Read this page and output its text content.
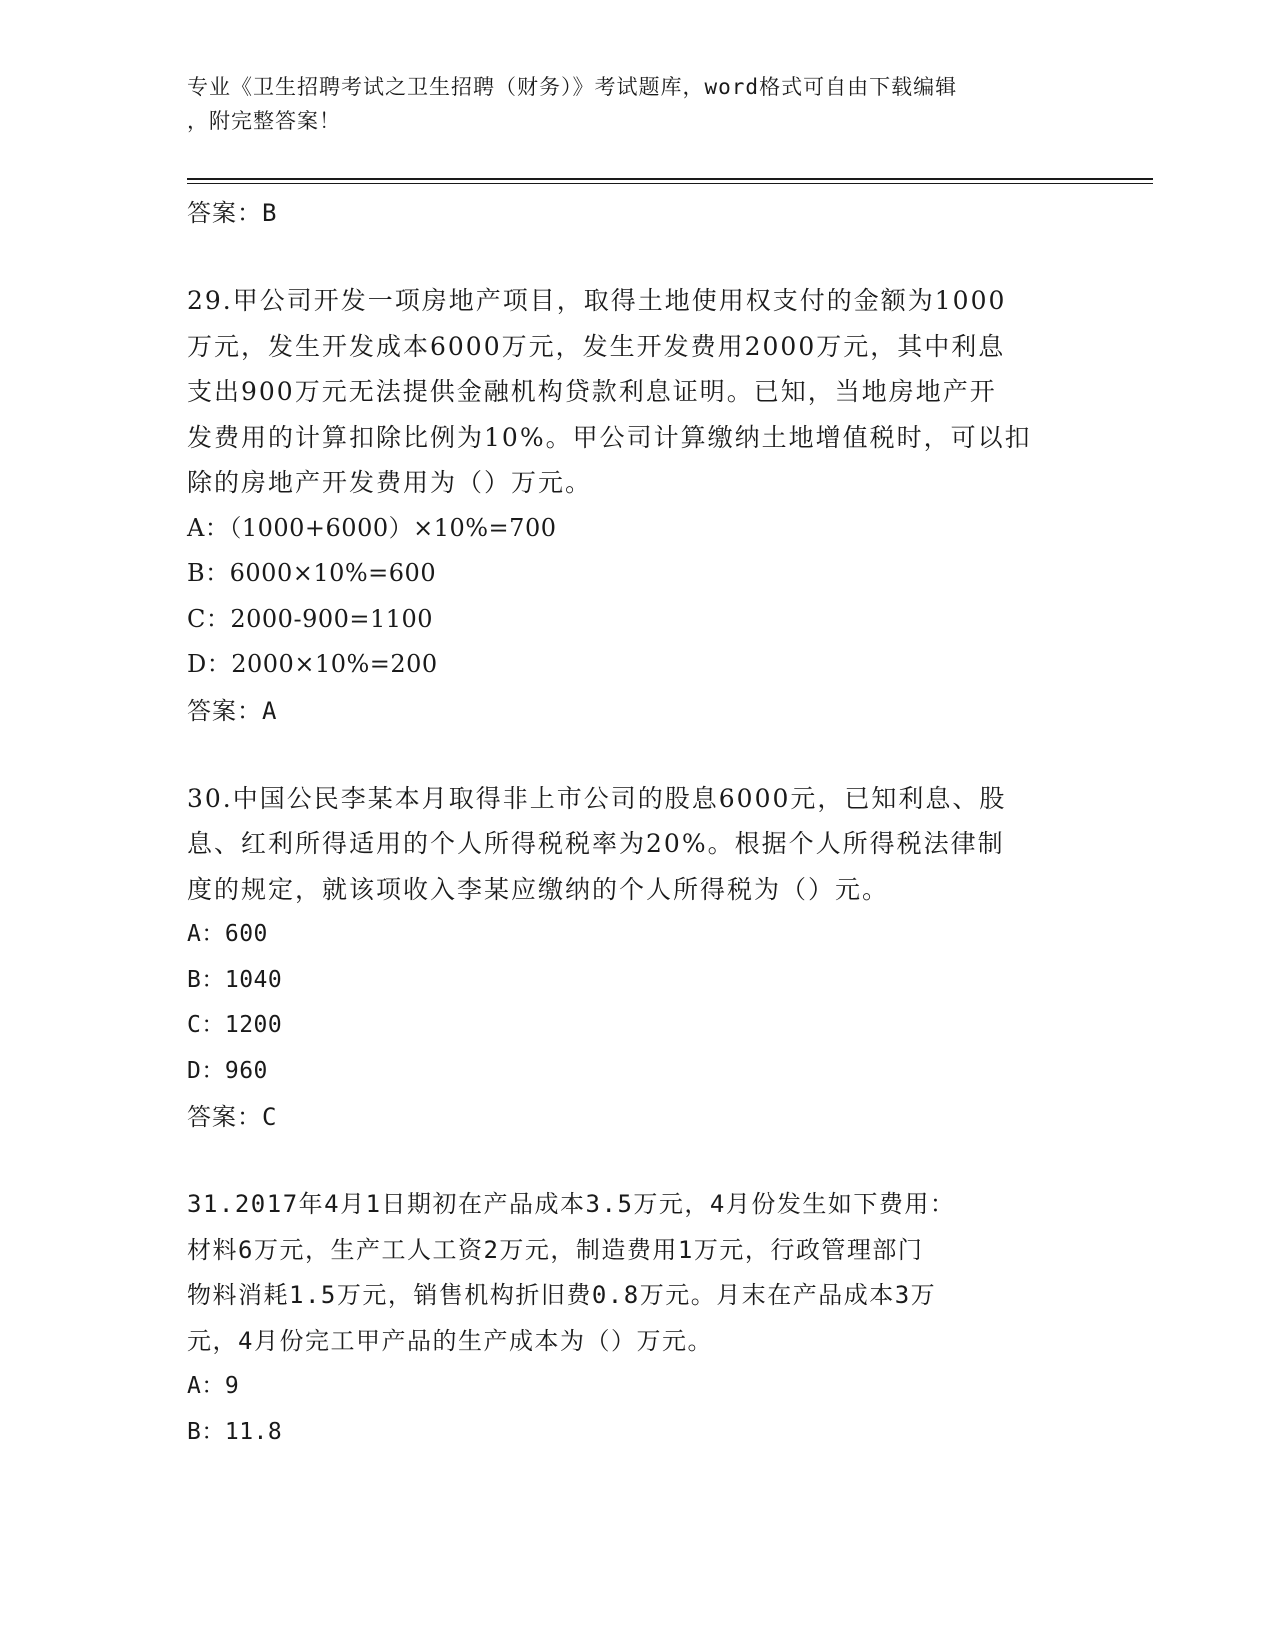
专业《卫生招聘考试之卫生招聘（财务）》考试题库，word格式可自由下载编辑
，附完整答案！
答案：B
29.甲公司开发一项房地产项目，取得土地使用权支付的金额为1000
万元，发生开发成本6000万元，发生开发费用2000万元，其中利息
支出900万元无法提供金融机构贷款利息证明。已知，当地房地产开
发费用的计算扣除比例为10%。甲公司计算缴纳土地增值税时，可以扣
除的房地产开发费用为（）万元。
A：（1000+6000）×10%=700
B：6000×10%=600
C：2000-900=1100
D：2000×10%=200
答案：A
30.中国公民李某本月取得非上市公司的股息6000元，已知利息、股
息、红利所得适用的个人所得税税率为20%。根据个人所得税法律制
度的规定，就该项收入李某应缴纳的个人所得税为（）元。
A：600
B：1040
C：1200
D：960
答案：C
31.2017年4月1日期初在产品成本3.5万元，4月份发生如下费用：
材料6万元，生产工人工资2万元，制造费用1万元，行政管理部门
物料消耗1.5万元，销售机构折旧费0.8万元。月末在产品成本3万
元，4月份完工甲产品的生产成本为（）万元。
A：9
B：11.8
